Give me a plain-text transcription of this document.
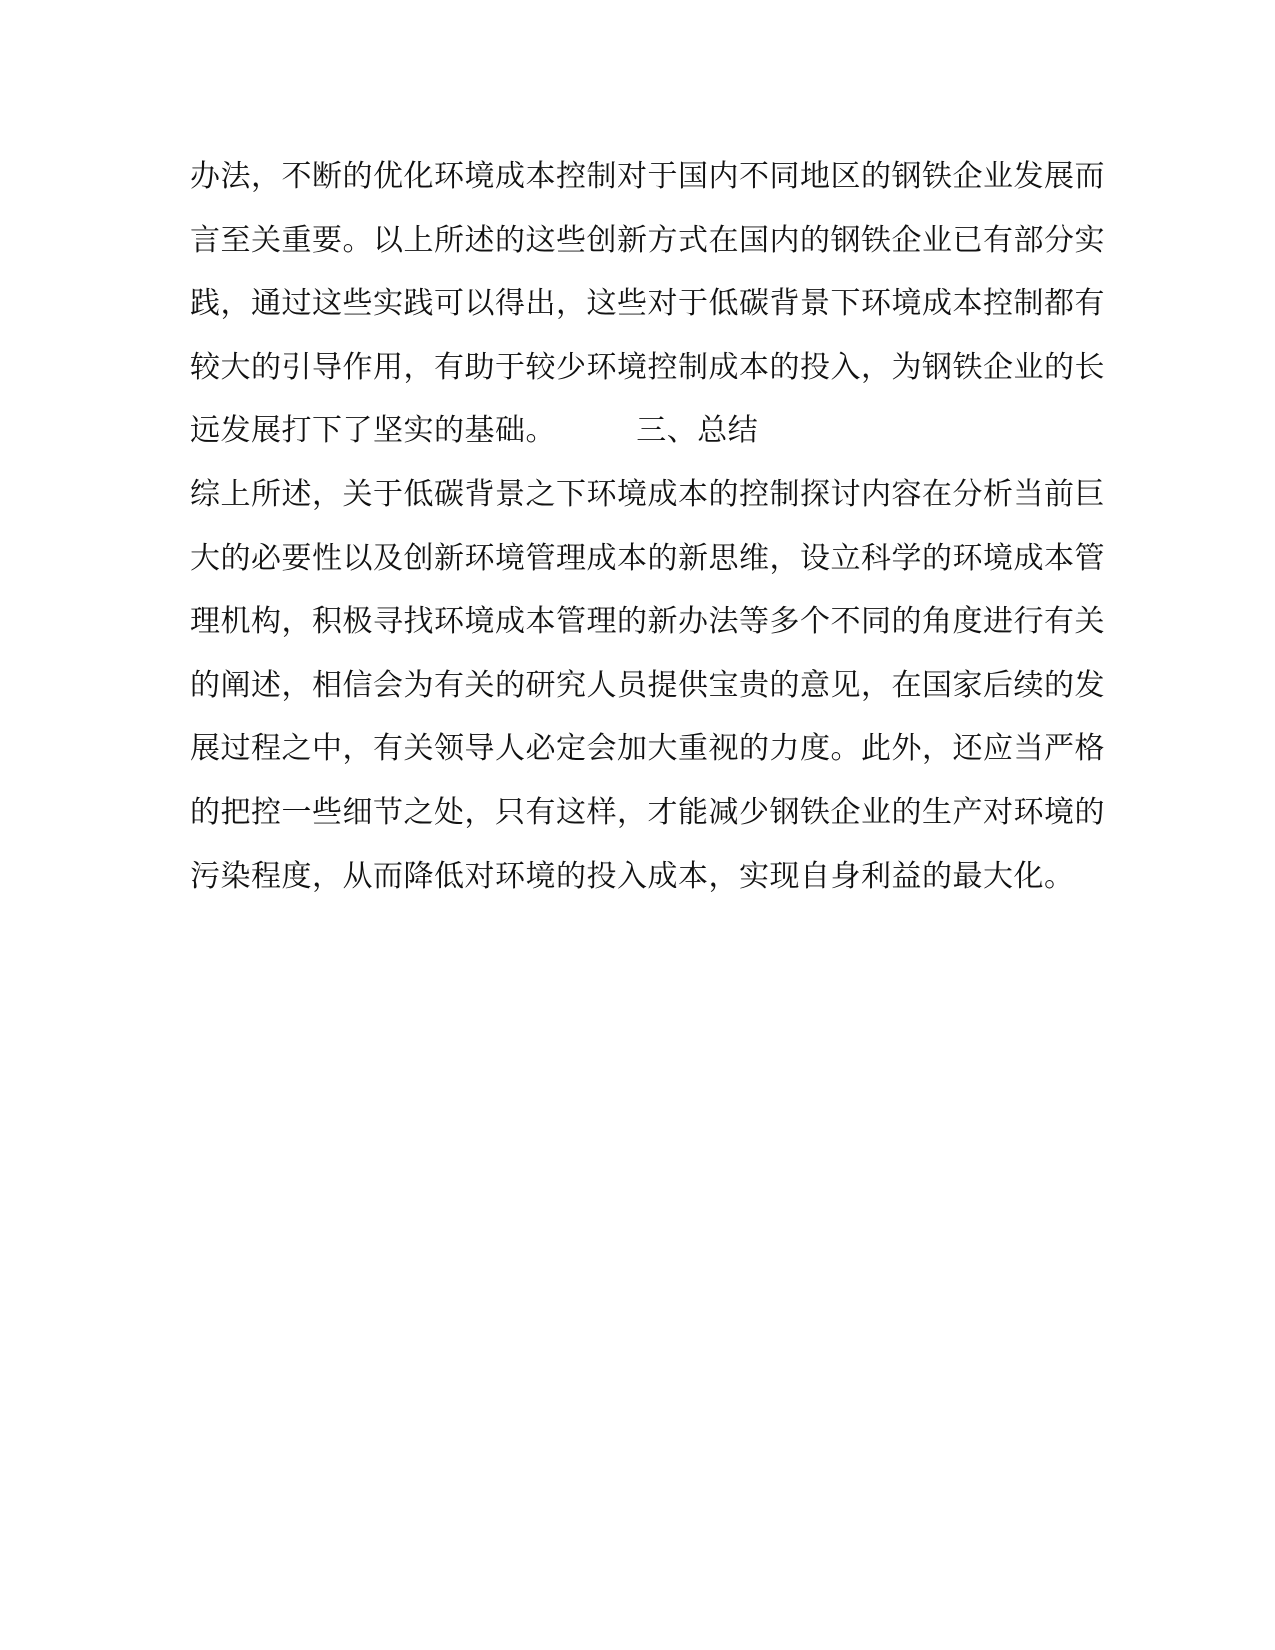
办法，不断的优化环境成本控制对于国内不同地区的钢铁企业发展而
言至关重要。以上所述的这些创新方式在国内的钢铁企业已有部分实
践，通过这些实践可以得出，这些对于低碳背景下环境成本控制都有
较大的引导作用，有助于较少环境控制成本的投入，为钢铁企业的长
远发展打下了坚实的基础。        三、总结
综上所述，关于低碳背景之下环境成本的控制探讨内容在分析当前巨
大的必要性以及创新环境管理成本的新思维，设立科学的环境成本管
理机构，积极寻找环境成本管理的新办法等多个不同的角度进行有关
的阐述，相信会为有关的研究人员提供宝贵的意见，在国家后续的发
展过程之中，有关领导人必定会加大重视的力度。此外，还应当严格
的把控一些细节之处，只有这样，才能减少钢铁企业的生产对环境的
污染程度，从而降低对环境的投入成本，实现自身利益的最大化。
